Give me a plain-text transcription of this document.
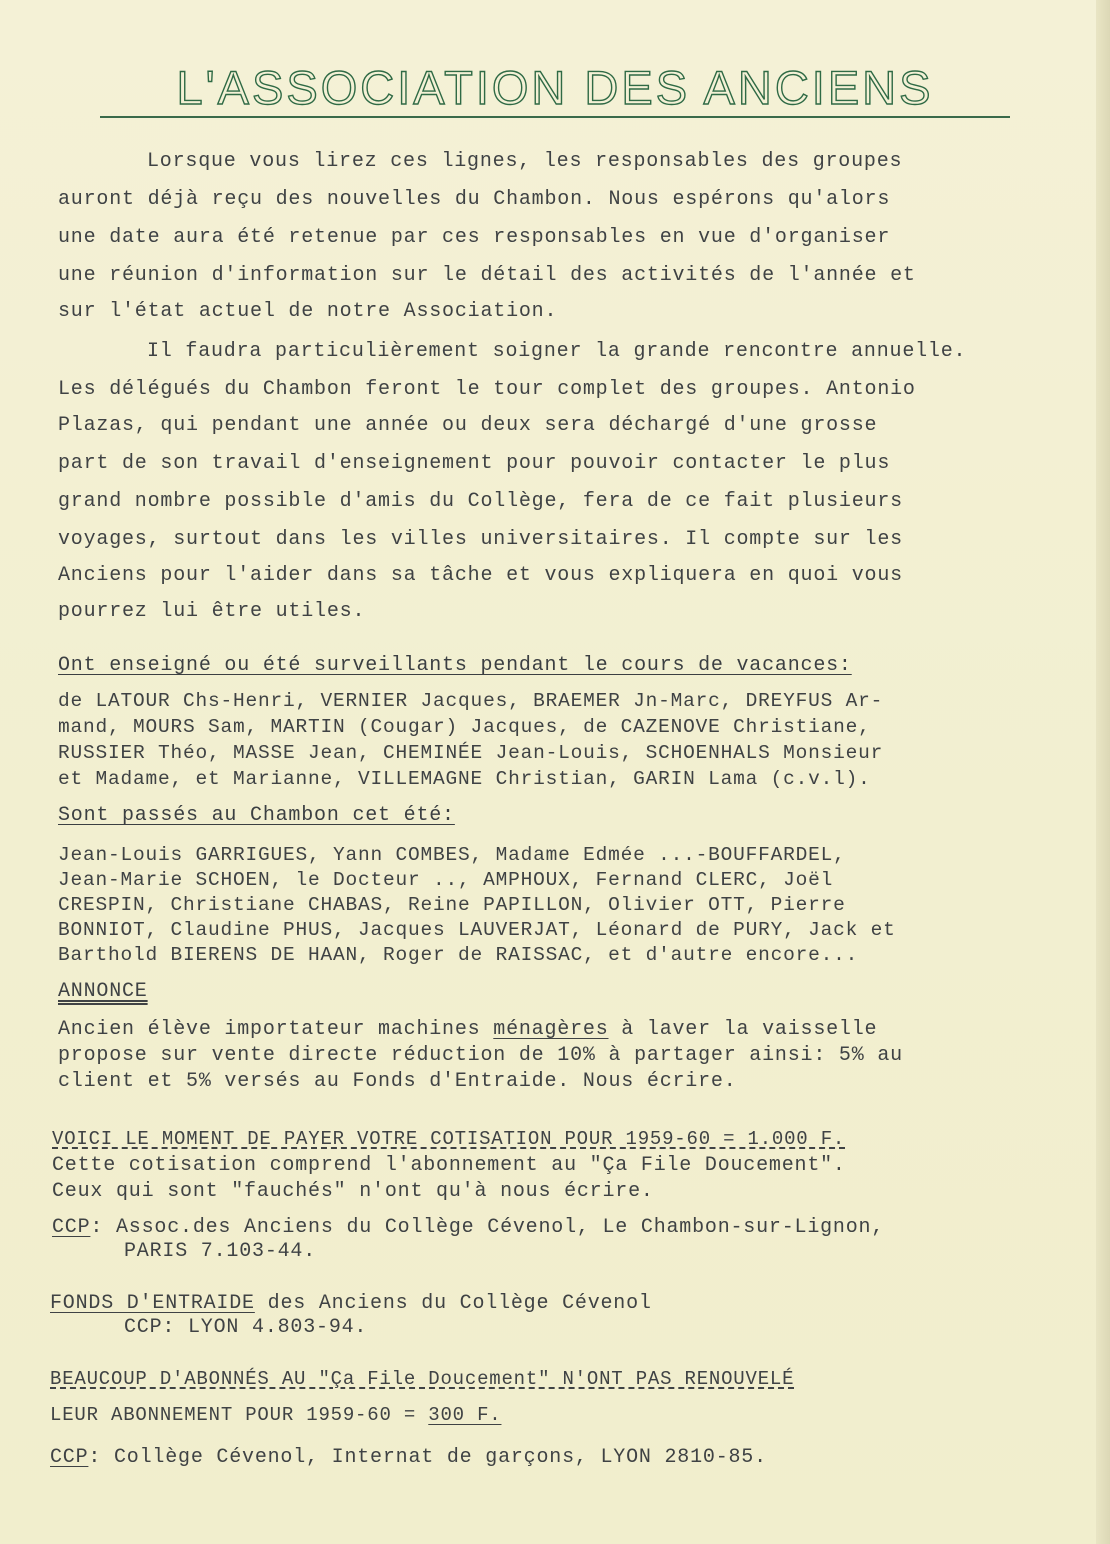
L'ASSOCIATION DES ANCIENS
Lorsque vous lirez ces lignes, les responsables des groupes
auront déjà reçu des nouvelles du Chambon. Nous espérons qu'alors
une date aura été retenue par ces responsables en vue d'organiser
une réunion d'information sur le détail des activités de l'année et
sur l'état actuel de notre Association.
Il faudra particulièrement soigner la grande rencontre annuelle.
Les délégués du Chambon feront le tour complet des groupes. Antonio
Plazas, qui pendant une année ou deux sera déchargé d'une grosse
part de son travail d'enseignement pour pouvoir contacter le plus
grand nombre possible d'amis du Collège, fera de ce fait plusieurs
voyages, surtout dans les villes universitaires. Il compte sur les
Anciens pour l'aider dans sa tâche et vous expliquera en quoi vous
pourrez lui être utiles.
Ont enseigné ou été surveillants pendant le cours de vacances:
de LATOUR Chs-Henri, VERNIER Jacques, BRAEMER Jn-Marc, DREYFUS Ar-
mand, MOURS Sam, MARTIN (Cougar) Jacques, de CAZENOVE Christiane,
RUSSIER Théo, MASSE Jean, CHEMINÉE Jean-Louis, SCHOENHALS Monsieur
et Madame, et Marianne, VILLEMAGNE Christian, GARIN Lama (c.v.l).
Sont passés au Chambon cet été:
Jean-Louis GARRIGUES, Yann COMBES, Madame Edmée ...-BOUFFARDEL,
Jean-Marie SCHOEN, le Docteur .., AMPHOUX, Fernand CLERC, Joël
CRESPIN, Christiane CHABAS, Reine PAPILLON, Olivier OTT, Pierre
BONNIOT, Claudine PHUS, Jacques LAUVERJAT, Léonard de PURY, Jack et
Barthold BIERENS DE HAAN, Roger de RAISSAC, et d'autre encore...
ANNONCE
Ancien élève importateur machines ménagères à laver la vaisselle
propose sur vente directe réduction de 10% à partager ainsi: 5% au
client et 5% versés au Fonds d'Entraide. Nous écrire.
VOICI LE MOMENT DE PAYER VOTRE COTISATION POUR 1959-60 = 1.000 F.
Cette cotisation comprend l'abonnement au "Ça File Doucement".
Ceux qui sont "fauchés" n'ont qu'à nous écrire.
CCP: Assoc.des Anciens du Collège Cévenol, Le Chambon-sur-Lignon,
PARIS 7.103-44.
FONDS D'ENTRAIDE des Anciens du Collège Cévenol
CCP: LYON 4.803-94.
BEAUCOUP D'ABONNÉS AU "Ça File Doucement" N'ONT PAS RENOUVELÉ
LEUR ABONNEMENT POUR 1959-60 = 300 F.
CCP: Collège Cévenol, Internat de garçons, LYON 2810-85.
